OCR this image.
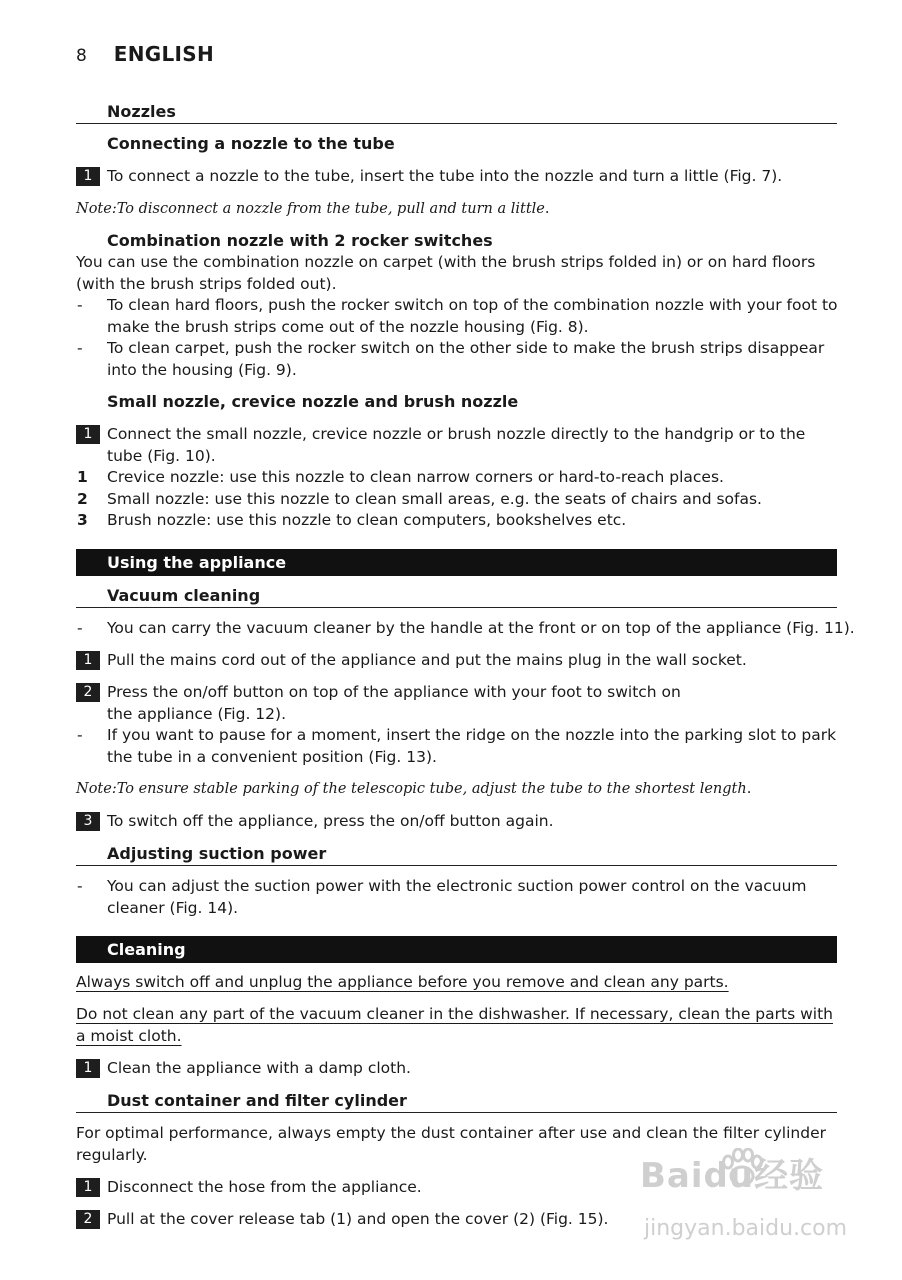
8 ENGLISH
Nozzles
Connecting a nozzle to the tube
1 To connect a nozzle to the tube, insert the tube into the nozzle and turn a little (Fig. 7).
Note:To disconnect a nozzle from the tube, pull and turn a little.
Combination nozzle with 2 rocker switches

You can use the combination nozzle on carpet (with the brush strips folded in) or on hard floors

(with the brush strips folded out).

- To clean hard floors, push the rocker switch on top of the combination nozzle with your foot to
make the brush strips come out of the nozzle housing (Fig. 8).
- To clean carpet, push the rocker switch on the other side to make the brush strips disappear
into the housing (Fig. 9).
Small nozzle, crevice nozzle and brush nozzle
1 Connect the small nozzle, crevice nozzle or brush nozzle directly to the handgrip or to the
tube (Fig. 10).
1 Crevice nozzle: use this nozzle to clean narrow corners or hard-to-reach places.
2 Small nozzle: use this nozzle to clean small areas, e.g. the seats of chairs and sofas.
3 Brush nozzle: use this nozzle to clean computers, bookshelves etc.
Using the appliance
Vacuum cleaning
- You can carry the vacuum cleaner by the handle at the front or on top of the appliance (Fig. 11).
1 Pull the mains cord out of the appliance and put the mains plug in the wall socket.
2 Press the on/off button on top of the appliance with your foot to switch on
the appliance (Fig. 12).
- If you want to pause for a moment, insert the ridge on the nozzle into the parking slot to park
the tube in a convenient position (Fig. 13).
Note:To ensure stable parking of the telescopic tube, adjust the tube to the shortest length.
3 To switch off the appliance, press the on/off button again.
Adjusting suction power
- You can adjust the suction power with the electronic suction power control on the vacuum
cleaner (Fig. 14).
Cleaning
Always switch off and unplug the appliance before you remove and clean any parts.
Do not clean any part of the vacuum cleaner in the dishwasher. If necessary, clean the parts with
a moist cloth.
1 Clean the appliance with a damp cloth.
Dust container and filter cylinder

For optimal performance, always empty the dust container after use and clean the filter cylinder

regularly.

1 Disconnect the hose from the appliance.
2 Pull at the cover release tab (1) and open the cover (2) (Fig. 15).
Baidu经验
jingyan.baidu.com
